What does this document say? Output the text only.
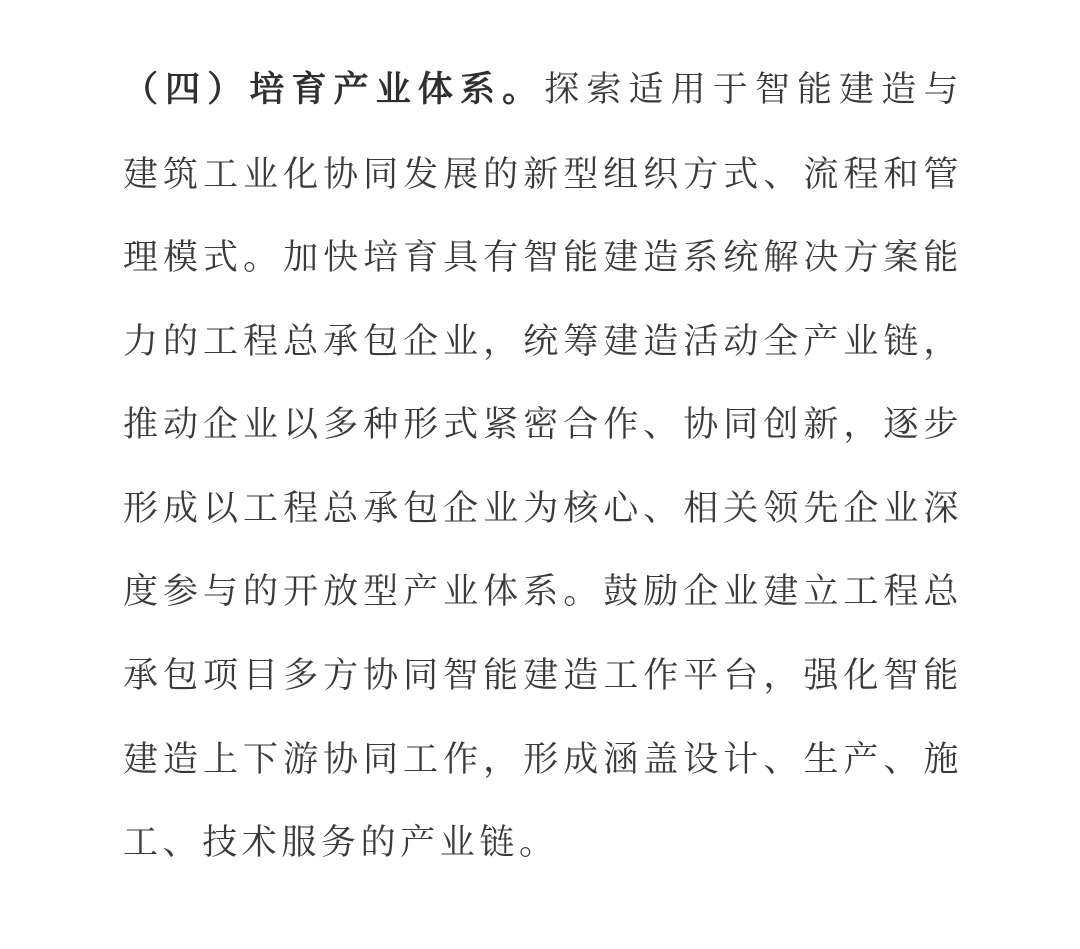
（四）培育产业体系。探索适用于智能建造与
建筑工业化协同发展的新型组织方式、流程和管
理模式。加快培育具有智能建造系统解决方案能
力的工程总承包企业，统筹建造活动全产业链，
推动企业以多种形式紧密合作、协同创新，逐步
形成以工程总承包企业为核心、相关领先企业深
度参与的开放型产业体系。鼓励企业建立工程总
承包项目多方协同智能建造工作平台，强化智能
建造上下游协同工作，形成涵盖设计、生产、施
工、技术服务的产业链。
